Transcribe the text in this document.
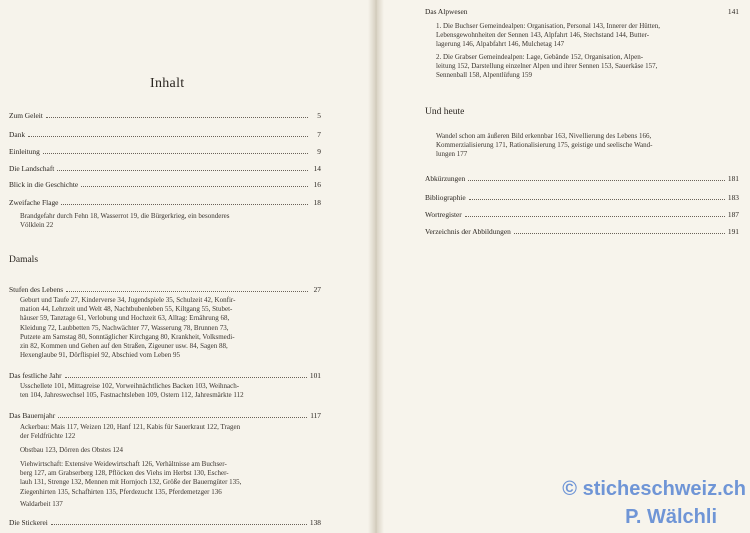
Inhalt
Zum Geleit	5
Dank	7
Einleitung	9
Die Landschaft	14
Blick in die Geschichte	16
Zweifache Flage	18
Brandgefahr durch Fehn 18, Wasserrot 19, die Bürgerkrieg, ein besonderes
Völklein 22
Damals
Stufen des Lebens	27
Geburt und Taufe 27, Kinderverse 34, Jugendspiele 35, Schulzeit 42, Konfir-
mation 44, Lehrzeit und Welt 48, Nachtbubenleben 55, Kiltgang 55, Stubet-
häuser 59, Tanztage 61, Verlobung und Hochzeit 63, Alltag: Ernährung 68,
Kleidung 72, Laubbetten 75, Nachwächter 77, Wasserung 78, Brunnen 73,
Putzete am Samstag 80, Sonntäglicher Kirchgang 80, Krankheit, Volksmedi-
zin 82, Kommen und Gehen auf den Straßen, Zigeuner usw. 84, Sagen 88,
Hexenglaube 91, Dörflispiel 92, Abschied vom Leben 95
Das festliche Jahr	101
Usschellete 101, Mittagreise 102, Vorweihnächtliches Backen 103, Weihnach-
ten 104, Jahreswechsel 105, Fastnachtsleben 109, Ostern 112, Jahresmärkte 112
Das Bauernjahr	117
Ackerbau: Mais 117, Weizen 120, Hanf 121, Kabis für Sauerkraut 122, Tragen
der Feldfrüchte 122
Obstbau 123, Dörren des Obstes 124
Viehwirtschaft: Extensive Weidewirtschaft 126, Verhältnisse am Buchser-
berg 127, am Grabserberg 128, Pflöcken des Viehs im Herbst 130, Escher-
lauh 131, Strenge 132, Mennen mit Hornjoch 132, Größe der Bauerngüter 135,
Ziegenhirten 135, Schafhirten 135, Pferdezucht 135, Pferdemetzger 136
Waldarbeit 137
Die Stickerei	138
Das Alpwesen	141
1. Die Buchser Gemeindealpen: Organisation, Personal 143, Innerer der Hütten,
Lebensgewohnheiten der Sennen 143, Alpfahrt 146, Stechstand 144, Butter-
lagerung 146, Alpabfahrt 146, Mulchetag 147
2. Die Grabser Gemeindealpen: Lage, Gebände 152, Organisation, Alpen-
leitung 152, Darstellung einzelner Alpen und ihrer Sennen 153, Sauerkäse 157,
Sennenball 158, Alpentlüfung 159
Und heute
Wandel schon am äußeren Bild erkennbar 163, Nivellierung des Lebens 166,
Kommerzialisierung 171, Rationalisierung 175, geistige und seelische Wand-
lungen 177
Abkürzungen	181
Bibliographie	183
Wortregister	187
Verzeichnis der Abbildungen	191
© sticheschweiz.ch
P. Wälchli
